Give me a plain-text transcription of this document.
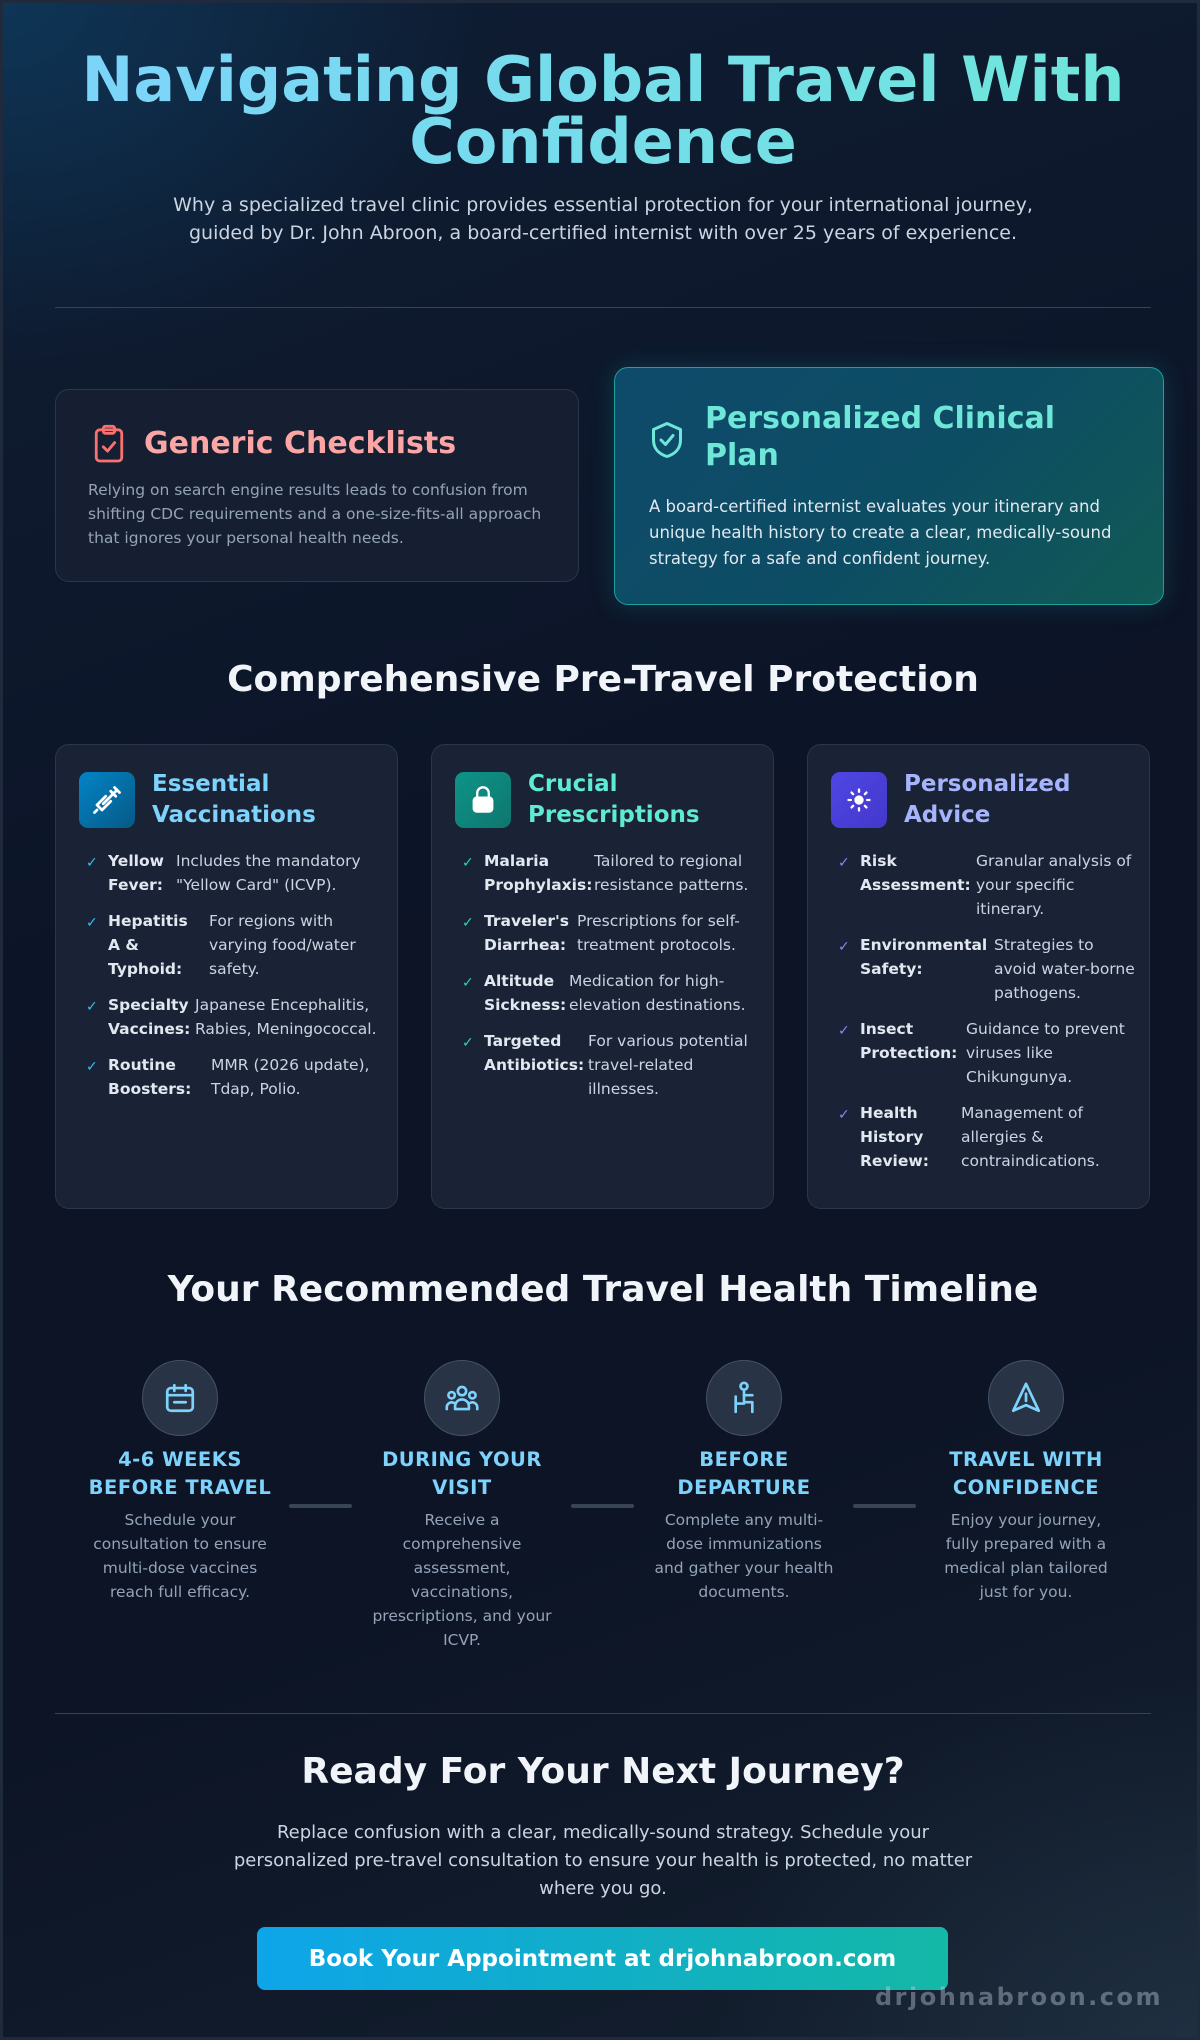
Navigating Global Travel With Confidence

Why a specialized travel clinic provides essential protection for your international journey, guided by Dr. John Abroon, a board-certified internist with over 25 years of experience.

Generic Checklists

Relying on search engine results leads to confusion from shifting CDC requirements and a one-size-fits-all approach that ignores your personal health needs.

Personalized Clinical Plan

A board-certified internist evaluates your itinerary and unique health history to create a clear, medically-sound strategy for a safe and confident journey.

Comprehensive Pre-Travel Protection
Essential Vaccinations
✓ Yellow Fever:
Includes the mandatory "Yellow Card" (ICVP).
✓ Hepatitis A & Typhoid:
For regions with varying food/water safety.
✓ Specialty Vaccines:
Japanese Encephalitis, Rabies, Meningococcal.
✓ Routine Boosters:
MMR (2026 update), Tdap, Polio.
Crucial Prescriptions
✓ Malaria Prophylaxis:
Tailored to regional resistance patterns.
✓ Traveler's Diarrhea:
Prescriptions for self-treatment protocols.
✓ Altitude Sickness:
Medication for high-elevation destinations.
✓ Targeted Antibiotics:
For various potential travel-related illnesses.
Personalized Advice
✓ Risk Assessment:
Granular analysis of your specific itinerary.
✓ Environmental Safety:
Strategies to avoid water-borne pathogens.
✓ Insect Protection:
Guidance to prevent viruses like Chikungunya.
✓ Health History Review:
Management of allergies & contraindications.
Your Recommended Travel Health Timeline
4-6 WEEKS BEFORE TRAVEL

Schedule your consultation to ensure multi-dose vaccines reach full efficacy.

DURING YOUR VISIT

Receive a comprehensive assessment, vaccinations, prescriptions, and your ICVP.

BEFORE DEPARTURE

Complete any multi-dose immunizations and gather your health documents.

TRAVEL WITH CONFIDENCE

Enjoy your journey, fully prepared with a medical plan tailored just for you.

Ready For Your Next Journey?

Replace confusion with a clear, medically-sound strategy. Schedule your personalized pre-travel consultation to ensure your health is protected, no matter where you go.

Book Your Appointment at drjohnabroon.com
drjohnabroon.com
